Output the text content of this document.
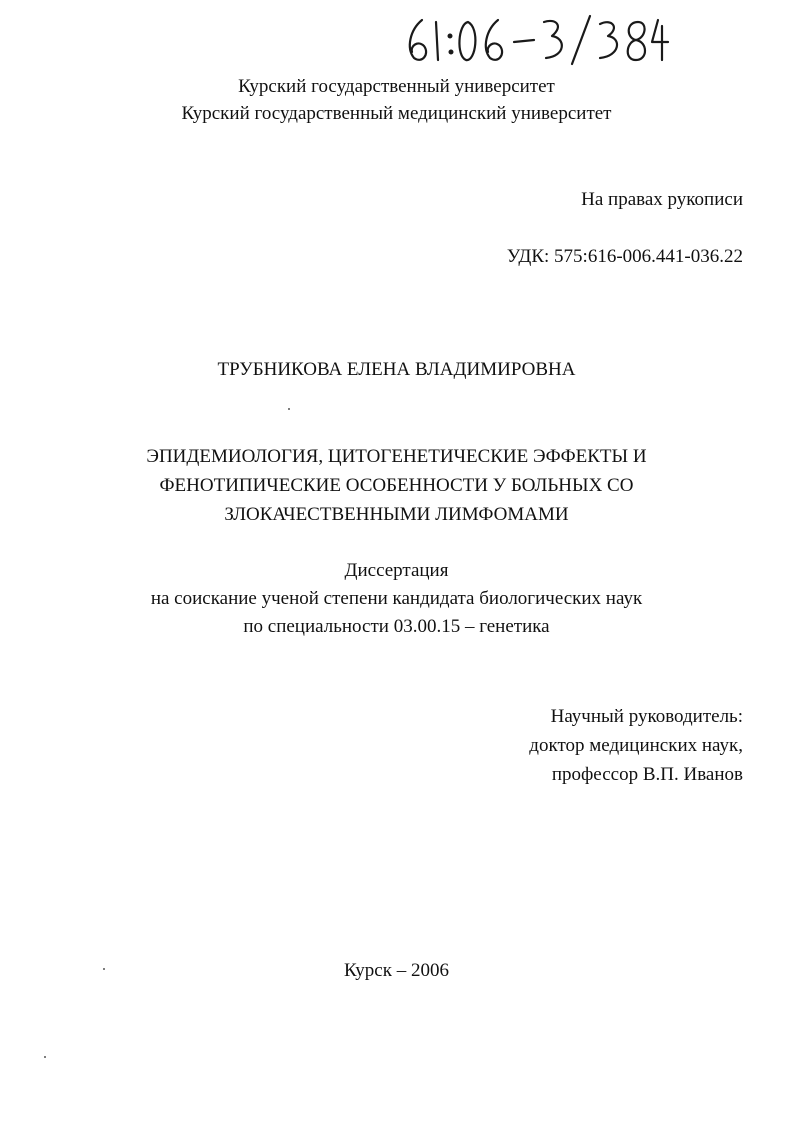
Курский государственный университет
Курский государственный медицинский университет
На правах рукописи
УДК: 575:616-006.441-036.22
ТРУБНИКОВА ЕЛЕНА ВЛАДИМИРОВНА
ЭПИДЕМИОЛОГИЯ, ЦИТОГЕНЕТИЧЕСКИЕ ЭФФЕКТЫ И
ФЕНОТИПИЧЕСКИЕ ОСОБЕННОСТИ У БОЛЬНЫХ СО
ЗЛОКАЧЕСТВЕННЫМИ ЛИМФОМАМИ
Диссертация
на соискание ученой степени кандидата биологических наук
по специальности 03.00.15 – генетика
Научный руководитель:
доктор медицинских наук,
профессор В.П. Иванов
Курск – 2006
